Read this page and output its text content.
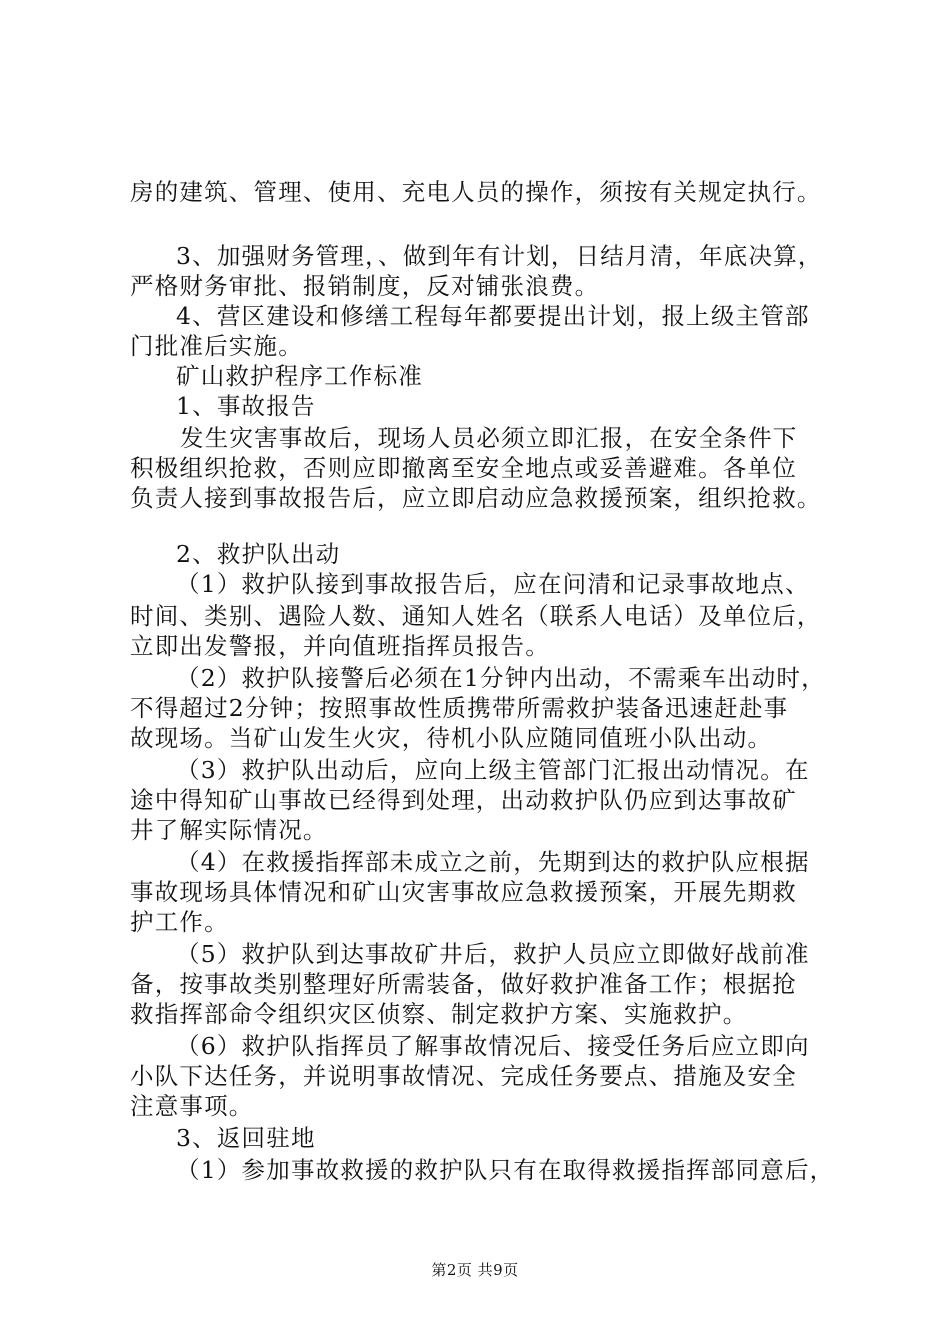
房的建筑、管理、使用、充电人员的操作，须按有关规定执行。
3、加强财务管理，、做到年有计划，日结月清，年底决算，
严格财务审批、报销制度，反对铺张浪费。
4、营区建设和修缮工程每年都要提出计划，报上级主管部
门批准后实施。
矿山救护程序工作标准
1、事故报告
发生灾害事故后，现场人员必须立即汇报，在安全条件下
积极组织抢救，否则应即撤离至安全地点或妥善避难。各单位
负责人接到事故报告后，应立即启动应急救援预案，组织抢救。
2、救护队出动
（1）救护队接到事故报告后，应在问清和记录事故地点、
时间、类别、遇险人数、通知人姓名（联系人电话）及单位后，
立即出发警报，并向值班指挥员报告。
（2）救护队接警后必须在1分钟内出动，不需乘车出动时，
不得超过2分钟；按照事故性质携带所需救护装备迅速赶赴事
故现场。当矿山发生火灾，待机小队应随同值班小队出动。
（3）救护队出动后，应向上级主管部门汇报出动情况。在
途中得知矿山事故已经得到处理，出动救护队仍应到达事故矿
井了解实际情况。
（4）在救援指挥部未成立之前，先期到达的救护队应根据
事故现场具体情况和矿山灾害事故应急救援预案，开展先期救
护工作。
（5）救护队到达事故矿井后，救护人员应立即做好战前准
备，按事故类别整理好所需装备，做好救护准备工作；根据抢
救指挥部命令组织灾区侦察、制定救护方案、实施救护。
（6）救护队指挥员了解事故情况后、接受任务后应立即向
小队下达任务，并说明事故情况、完成任务要点、措施及安全
注意事项。
3、返回驻地
（1）参加事故救援的救护队只有在取得救援指挥部同意后，
第2页 共9页
